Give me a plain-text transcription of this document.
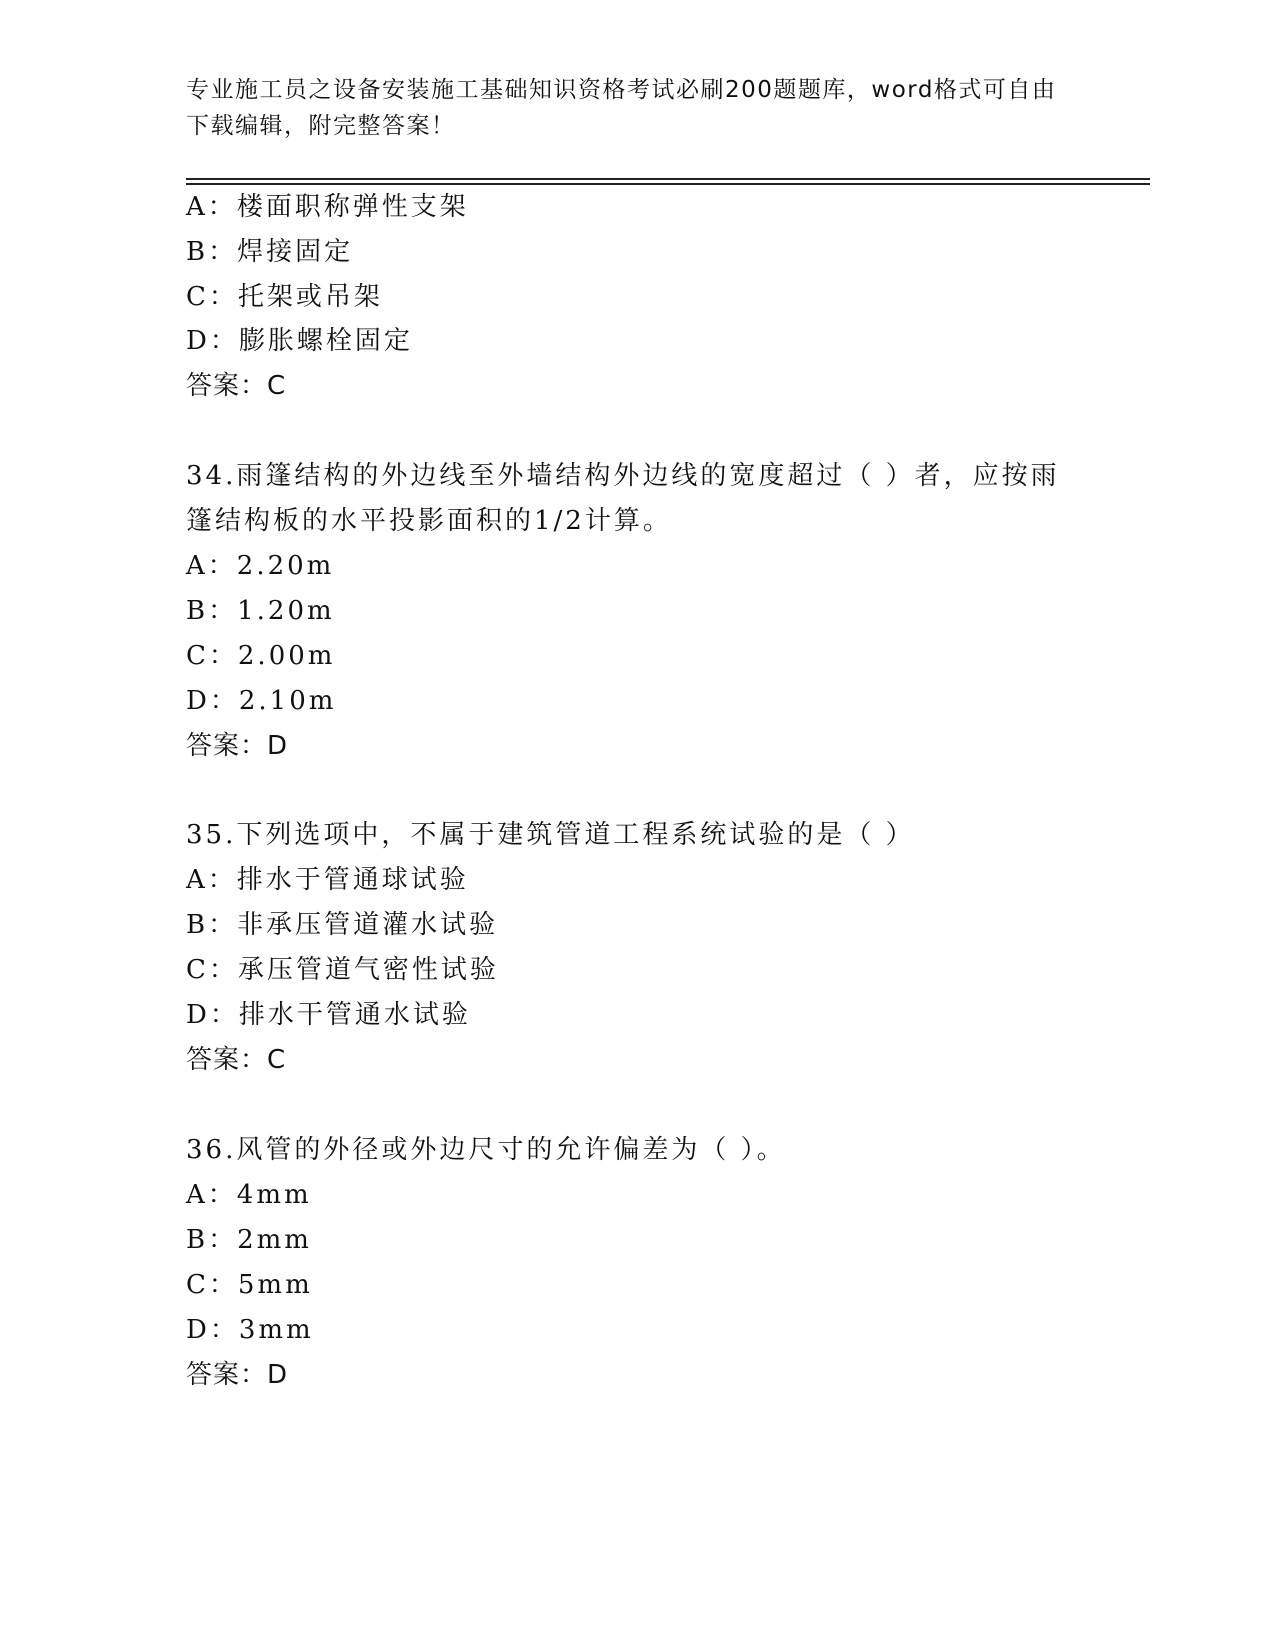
专业施工员之设备安装施工基础知识资格考试必刷200题题库，word格式可自由下载编辑，附完整答案！
A：楼面职称弹性支架
B：焊接固定
C：托架或吊架
D：膨胀螺栓固定
答案：C
34.雨篷结构的外边线至外墙结构外边线的宽度超过（ ）者，应按雨
篷结构板的水平投影面积的1/2计算。
A：2.20m
B：1.20m
C：2.00m
D：2.10m
答案：D
35.下列选项中，不属于建筑管道工程系统试验的是（ ）
A：排水于管通球试验
B：非承压管道灌水试验
C：承压管道气密性试验
D：排水干管通水试验
答案：C
36.风管的外径或外边尺寸的允许偏差为（ ）。
A：4mm
B：2mm
C：5mm
D：3mm
答案：D
